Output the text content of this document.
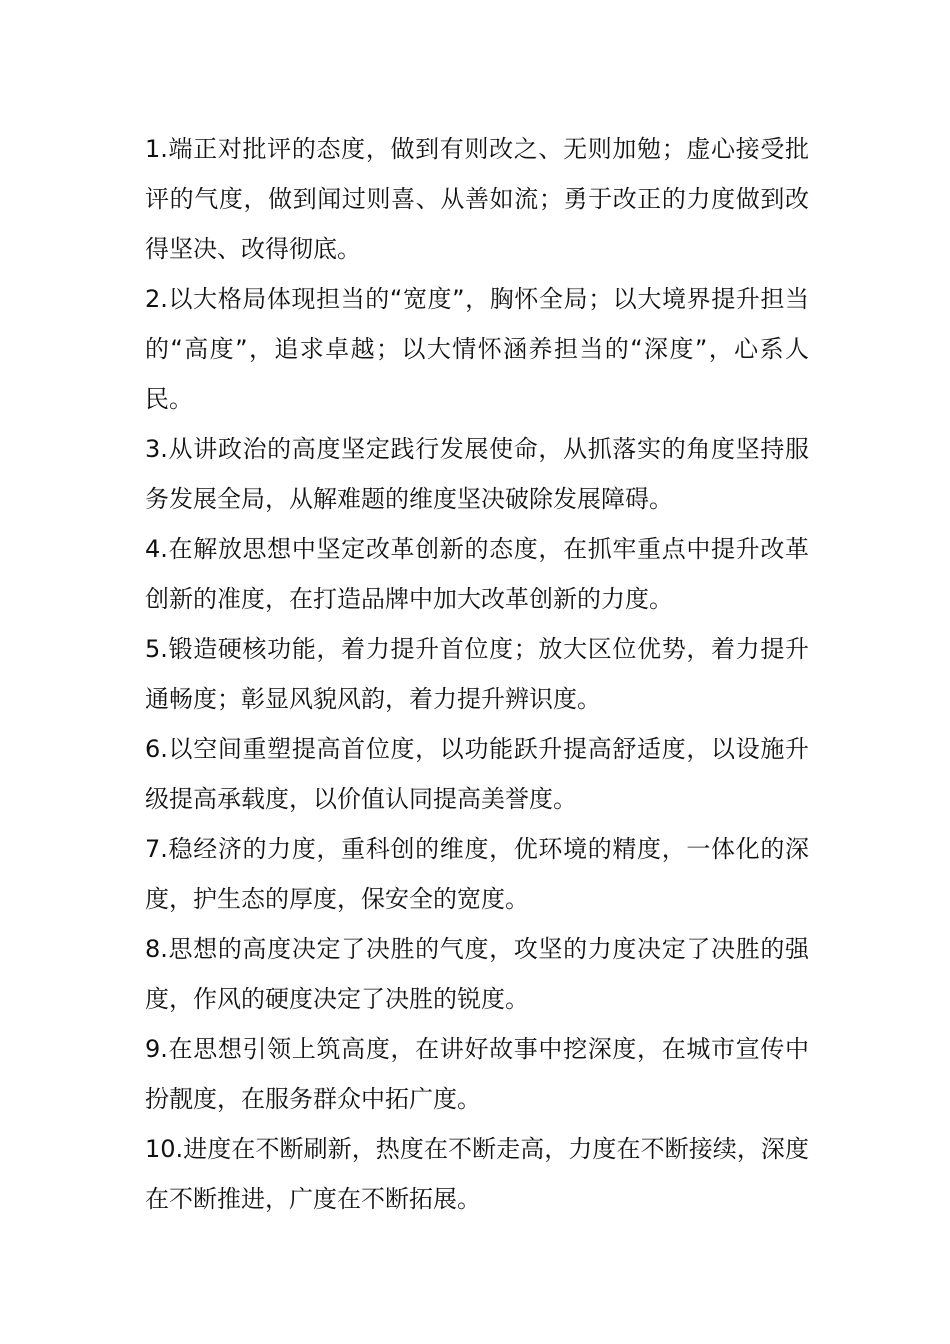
1.端正对批评的态度，做到有则改之、无则加勉；虚心接受批评的气度，做到闻过则喜、从善如流；勇于改正的力度做到改得坚决、改得彻底。

2.以大格局体现担当的“宽度”，胸怀全局；以大境界提升担当的“高度”，追求卓越；以大情怀涵养担当的“深度”，心系人民。

3.从讲政治的高度坚定践行发展使命，从抓落实的角度坚持服务发展全局，从解难题的维度坚决破除发展障碍。

4.在解放思想中坚定改革创新的态度，在抓牢重点中提升改革创新的准度，在打造品牌中加大改革创新的力度。

5.锻造硬核功能，着力提升首位度；放大区位优势，着力提升通畅度；彰显风貌风韵，着力提升辨识度。

6.以空间重塑提高首位度，以功能跃升提高舒适度，以设施升级提高承载度，以价值认同提高美誉度。

7.稳经济的力度，重科创的维度，优环境的精度，一体化的深度，护生态的厚度，保安全的宽度。

8.思想的高度决定了决胜的气度，攻坚的力度决定了决胜的强度，作风的硬度决定了决胜的锐度。

9.在思想引领上筑高度，在讲好故事中挖深度，在城市宣传中扮靓度，在服务群众中拓广度。

10.进度在不断刷新，热度在不断走高，力度在不断接续，深度在不断推进，广度在不断拓展。
